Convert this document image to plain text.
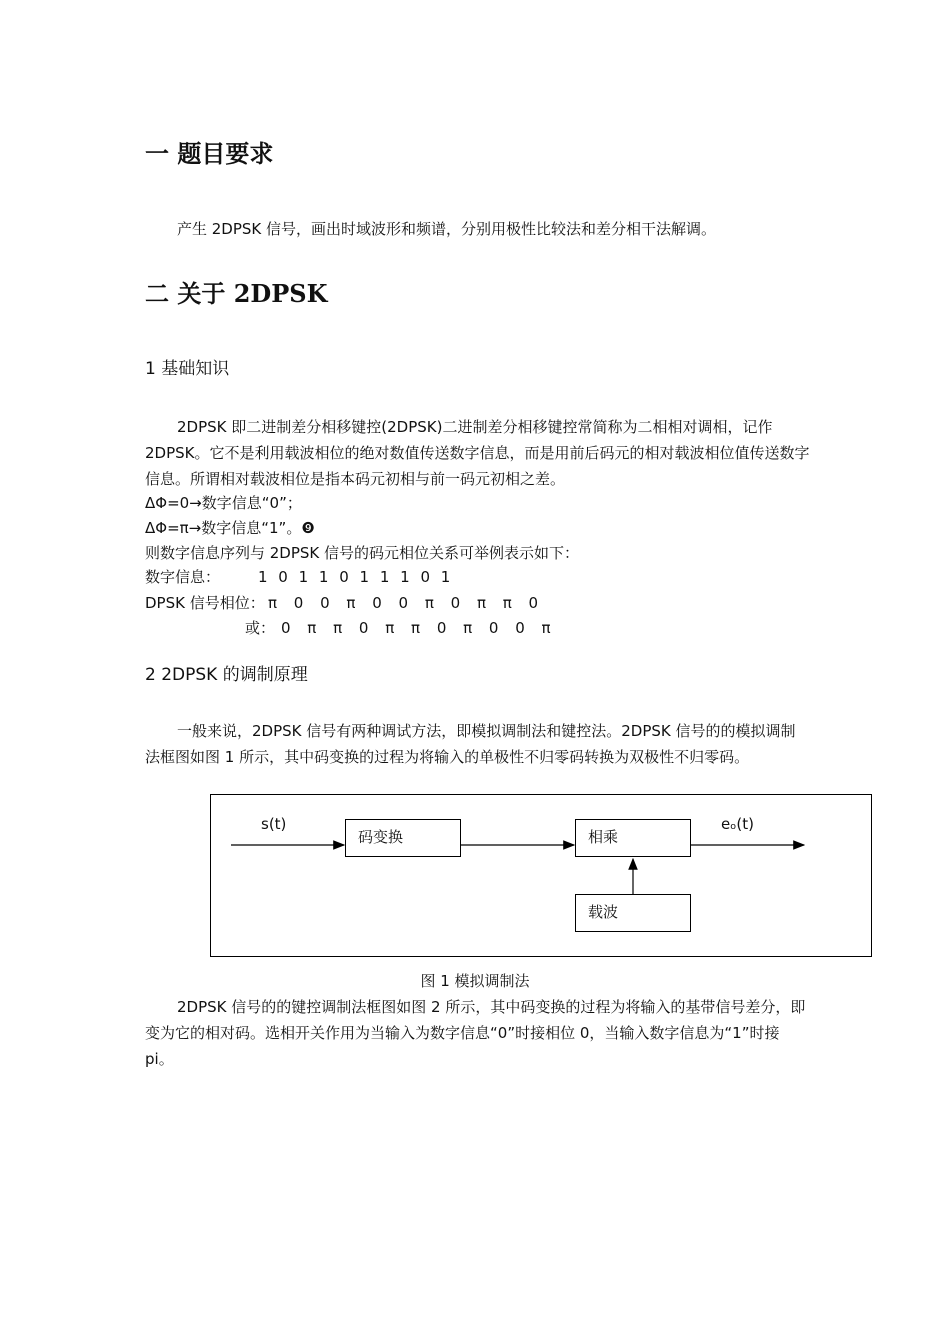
一 题目要求
产生 2DPSK 信号，画出时域波形和频谱，分别用极性比较法和差分相干法解调。
二 关于 2DPSK
1 基础知识
2DPSK 即二进制差分相移键控(2DPSK)二进制差分相移键控常简称为二相相对调相，记作 2DPSK。它不是利用载波相位的绝对数值传送数字信息，而是用前后码元的相对载波相位值传送数字信息。所谓相对载波相位是指本码元初相与前一码元初相之差。
ΔΦ=0→数字信息“0”；
ΔΦ=π→数字信息“1”。❾
则数字信息序列与 2DPSK 信号的码元相位关系可举例表示如下：
数字信息：	1 0 1 1 0 1 1 1 0 1
DPSK 信号相位： π 0 0 π 0 0 π 0 π π 0
或： 0 π π 0 π π 0 π 0 0 π
2 2DPSK 的调制原理
一般来说，2DPSK 信号有两种调试方法，即模拟调制法和键控法。2DPSK 信号的的模拟调制法框图如图 1 所示，其中码变换的过程为将输入的单极性不归零码转换为双极性不归零码。
s(t)
码变换	相乘
载波
eₒ(t)
图 1 模拟调制法
2DPSK 信号的的键控调制法框图如图 2 所示，其中码变换的过程为将输入的基带信号差分，即变为它的相对码。选相开关作用为当输入为数字信息“0”时接相位 0，当输入数字信息为“1”时接 pi。
